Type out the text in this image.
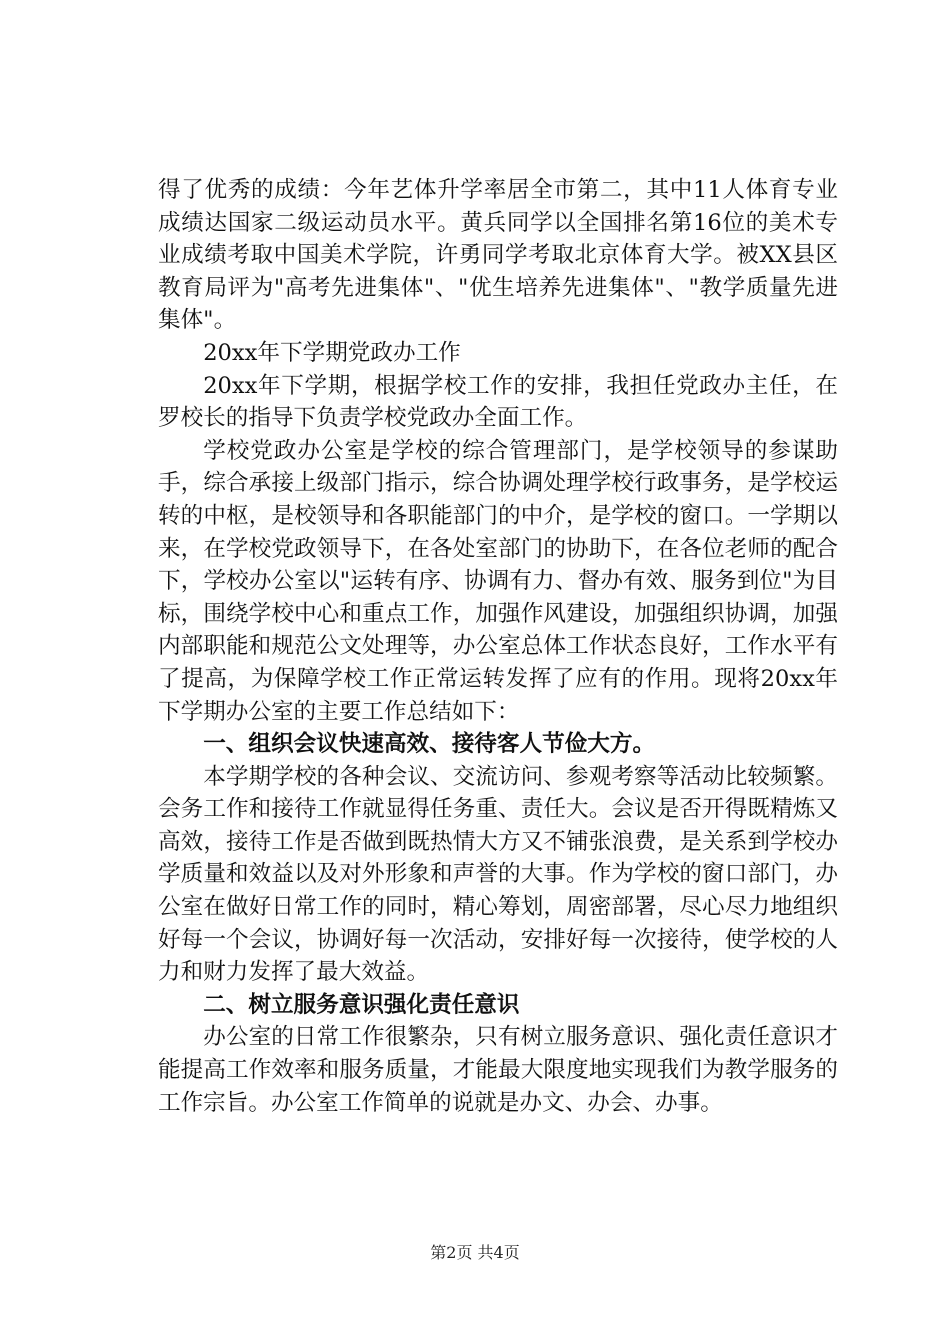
得了优秀的成绩：今年艺体升学率居全市第二，其中11人体育专业成绩达国家二级运动员水平。黄兵同学以全国排名第16位的美术专业成绩考取中国美术学院，许勇同学考取北京体育大学。被XX县区教育局评为"高考先进集体"、"优生培养先进集体"、"教学质量先进集体"。

20xx年下学期党政办工作

20xx年下学期，根据学校工作的安排，我担任党政办主任，在罗校长的指导下负责学校党政办全面工作。

学校党政办公室是学校的综合管理部门，是学校领导的参谋助手，综合承接上级部门指示，综合协调处理学校行政事务，是学校运转的中枢，是校领导和各职能部门的中介，是学校的窗口。一学期以来，在学校党政领导下，在各处室部门的协助下，在各位老师的配合下，学校办公室以"运转有序、协调有力、督办有效、服务到位"为目标，围绕学校中心和重点工作，加强作风建设，加强组织协调，加强内部职能和规范公文处理等，办公室总体工作状态良好，工作水平有了提高，为保障学校工作正常运转发挥了应有的作用。现将20xx年下学期办公室的主要工作总结如下：

一、组织会议快速高效、接待客人节俭大方。

本学期学校的各种会议、交流访问、参观考察等活动比较频繁。会务工作和接待工作就显得任务重、责任大。会议是否开得既精炼又高效，接待工作是否做到既热情大方又不铺张浪费，是关系到学校办学质量和效益以及对外形象和声誉的大事。作为学校的窗口部门，办公室在做好日常工作的同时，精心筹划，周密部署，尽心尽力地组织好每一个会议，协调好每一次活动，安排好每一次接待，使学校的人力和财力发挥了最大效益。

二、树立服务意识强化责任意识

办公室的日常工作很繁杂，只有树立服务意识、强化责任意识才能提高工作效率和服务质量，才能最大限度地实现我们为教学服务的工作宗旨。办公室工作简单的说就是办文、办会、办事。

第2页 共4页
